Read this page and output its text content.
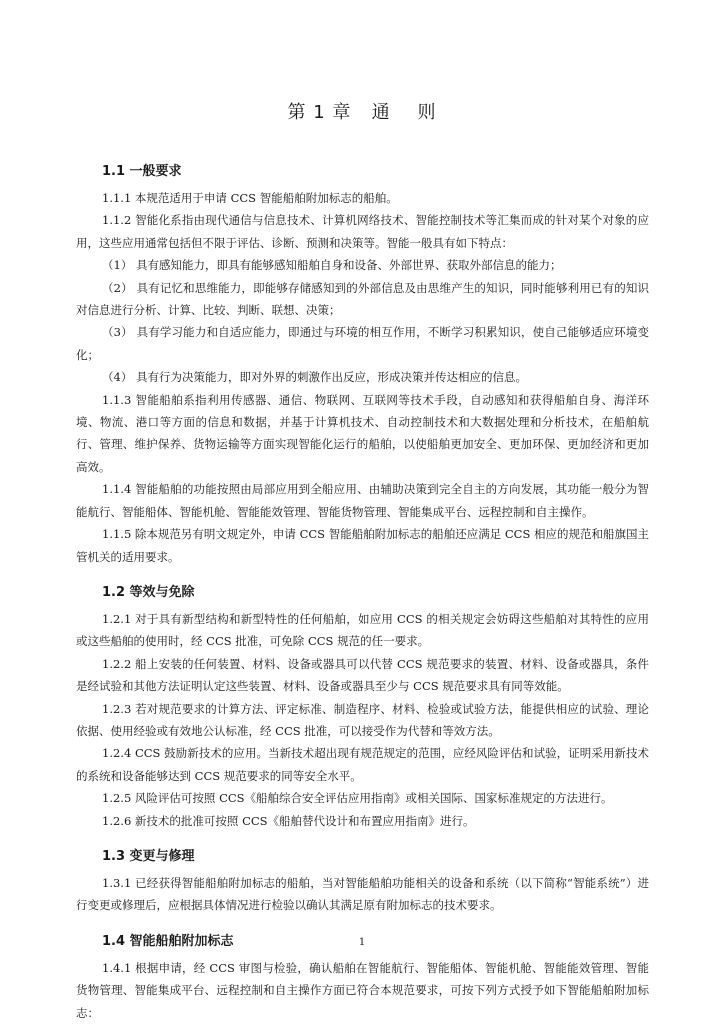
第 1 章   通    则
1.1 一般要求

1.1.1 本规范适用于申请 CCS 智能船舶附加标志的船舶。

1.1.2 智能化系指由现代通信与信息技术、计算机网络技术、智能控制技术等汇集而成的针对某个对象的应用，这些应用通常包括但不限于评估、诊断、预测和决策等。智能一般具有如下特点：

（1） 具有感知能力，即具有能够感知船舶自身和设备、外部世界、获取外部信息的能力；

（2） 具有记忆和思维能力，即能够存储感知到的外部信息及由思维产生的知识，同时能够利用已有的知识对信息进行分析、计算、比较、判断、联想、决策；

（3） 具有学习能力和自适应能力，即通过与环境的相互作用，不断学习积累知识，使自己能够适应环境变化；

（4） 具有行为决策能力，即对外界的刺激作出反应，形成决策并传达相应的信息。

1.1.3 智能船舶系指利用传感器、通信、物联网、互联网等技术手段，自动感知和获得船舶自身、海洋环境、物流、港口等方面的信息和数据，并基于计算机技术、自动控制技术和大数据处理和分析技术，在船舶航行、管理、维护保养、货物运输等方面实现智能化运行的船舶，以使船舶更加安全、更加环保、更加经济和更加高效。

1.1.4 智能船舶的功能按照由局部应用到全船应用、由辅助决策到完全自主的方向发展，其功能一般分为智能航行、智能船体、智能机舱、智能能效管理、智能货物管理、智能集成平台、远程控制和自主操作。

1.1.5 除本规范另有明文规定外，申请 CCS 智能船舶附加标志的船舶还应满足 CCS 相应的规范和船旗国主管机关的适用要求。

1.2 等效与免除

1.2.1 对于具有新型结构和新型特性的任何船舶，如应用 CCS 的相关规定会妨碍这些船舶对其特性的应用或这些船舶的使用时，经 CCS 批准，可免除 CCS 规范的任一要求。

1.2.2 船上安装的任何装置、材料、设备或器具可以代替 CCS 规范要求的装置、材料、设备或器具，条件是经试验和其他方法证明认定这些装置、材料、设备或器具至少与 CCS 规范要求具有同等效能。

1.2.3 若对规范要求的计算方法、评定标准、制造程序、材料、检验或试验方法，能提供相应的试验、理论依据、使用经验或有效地公认标准，经 CCS 批准，可以接受作为代替和等效方法。

1.2.4 CCS 鼓励新技术的应用。当新技术超出现有规范规定的范围，应经风险评估和试验，证明采用新技术的系统和设备能够达到 CCS 规范要求的同等安全水平。

1.2.5 风险评估可按照 CCS《船舶综合安全评估应用指南》或相关国际、国家标准规定的方法进行。

1.2.6 新技术的批准可按照 CCS《船舶替代设计和布置应用指南》进行。

1.3 变更与修理

1.3.1 已经获得智能船舶附加标志的船舶，当对智能船舶功能相关的设备和系统（以下简称“智能系统”）进行变更或修理后，应根据具体情况进行检验以确认其满足原有附加标志的技术要求。

1.4 智能船舶附加标志

1.4.1 根据申请，经 CCS 审图与检验，确认船舶在智能航行、智能船体、智能机舱、智能能效管理、智能货物管理、智能集成平台、远程控制和自主操作方面已符合本规范要求，可按下列方式授予如下智能船舶附加标志：

1
